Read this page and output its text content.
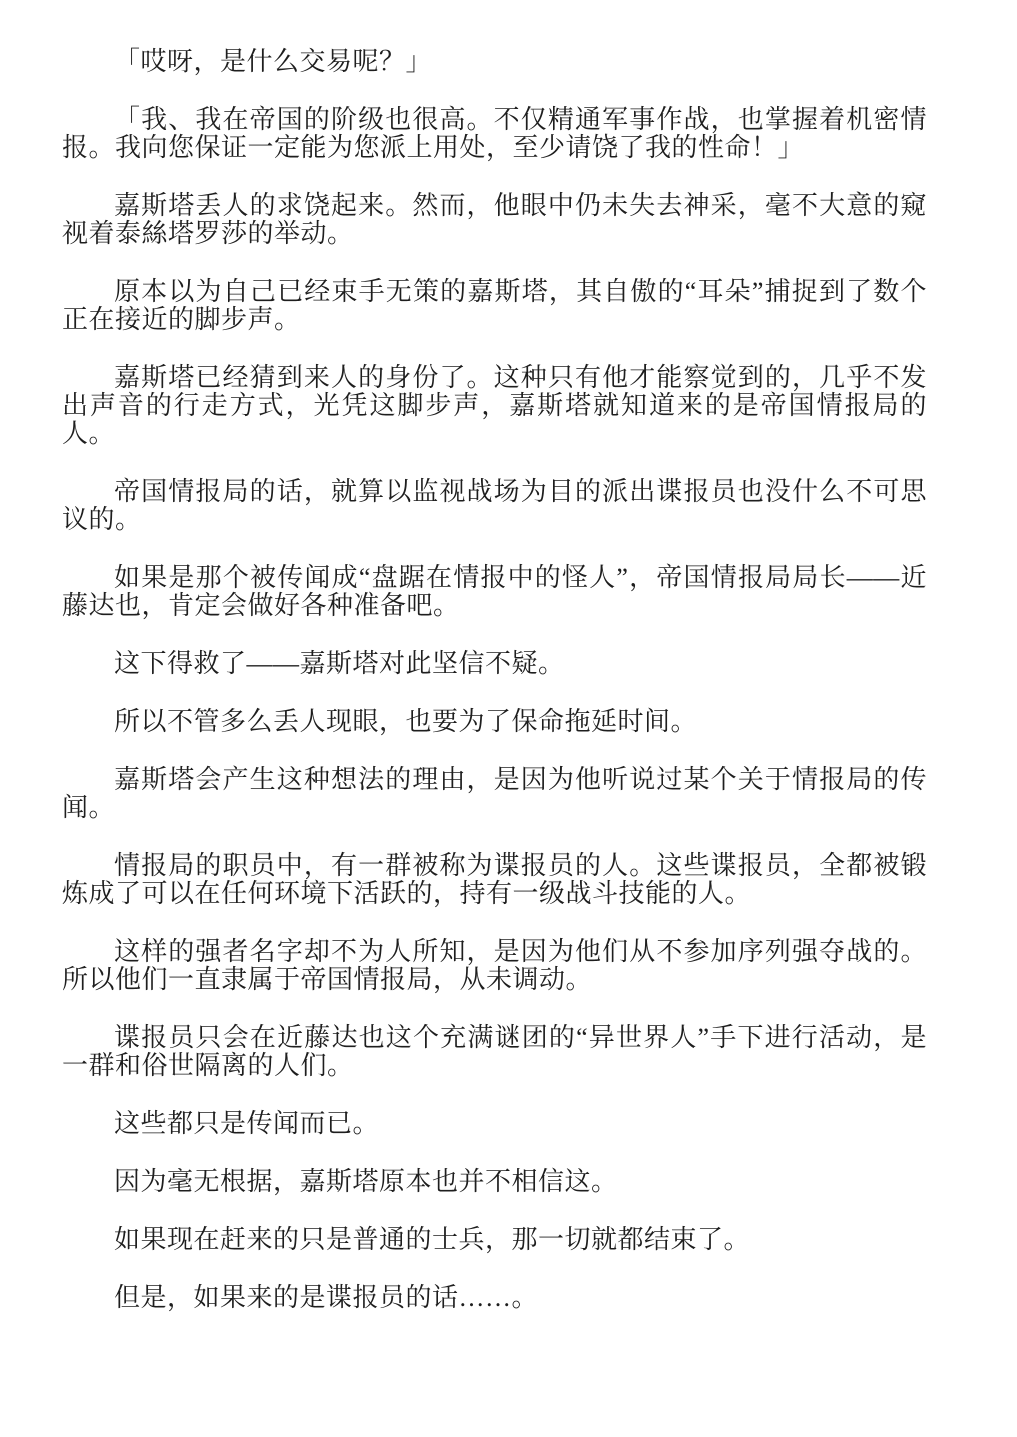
「哎呀，是什么交易呢？」

「我、我在帝国的阶级也很高。不仅精通军事作战，也掌握着机密情报。我向您保证一定能为您派上用处，至少请饶了我的性命！」

嘉斯塔丢人的求饶起来。然而，他眼中仍未失去神采，毫不大意的窥视着泰絲塔罗莎的举动。

原本以为自己已经束手无策的嘉斯塔，其自傲的“耳朵”捕捉到了数个正在接近的脚步声。

嘉斯塔已经猜到来人的身份了。这种只有他才能察觉到的，几乎不发出声音的行走方式，光凭这脚步声，嘉斯塔就知道来的是帝国情报局的人。

帝国情报局的话，就算以监视战场为目的派出谍报员也没什么不可思议的。

如果是那个被传闻成“盘踞在情报中的怪人”，帝国情报局局长——近藤达也，肯定会做好各种准备吧。

这下得救了——嘉斯塔对此坚信不疑。

所以不管多么丢人现眼，也要为了保命拖延时间。

嘉斯塔会产生这种想法的理由，是因为他听说过某个关于情报局的传闻。

情报局的职员中，有一群被称为谍报员的人。这些谍报员，全都被锻炼成了可以在任何环境下活跃的，持有一级战斗技能的人。

这样的强者名字却不为人所知，是因为他们从不参加序列强夺战的。所以他们一直隶属于帝国情报局，从未调动。

谍报员只会在近藤达也这个充满谜团的“异世界人”手下进行活动，是一群和俗世隔离的人们。

这些都只是传闻而已。

因为毫无根据，嘉斯塔原本也并不相信这。

如果现在赶来的只是普通的士兵，那一切就都结束了。

但是，如果来的是谍报员的话……。
